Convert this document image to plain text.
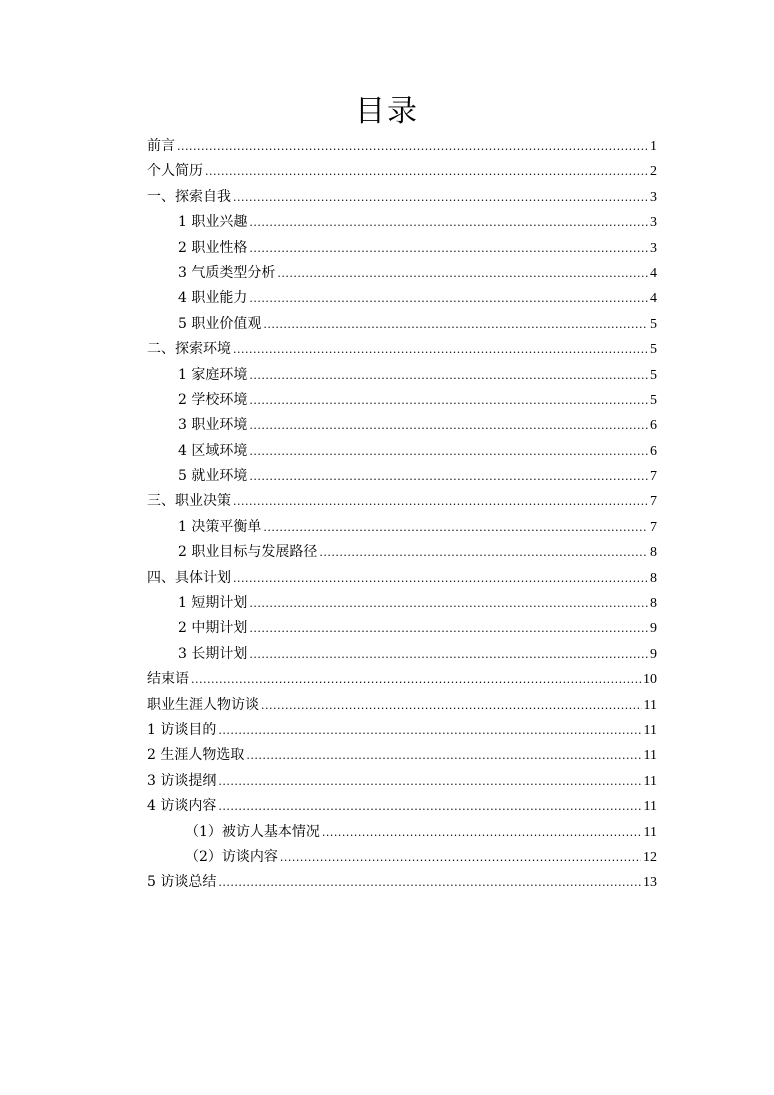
目录
前言 .....	1
个人简历 .....	2
一、探索自我 .....	3
1 职业兴趣 .....	3
2 职业性格 .....	3
3 气质类型分析 .....	4
4 职业能力 .....	4
5 职业价值观 .....	5
二、探索环境 .....	5
1 家庭环境 .....	5
2 学校环境 .....	5
3 职业环境 .....	6
4 区域环境 .....	6
5 就业环境 .....	7
三、职业决策 .....	7
1 决策平衡单 .....	7
2 职业目标与发展路径 .....	8
四、具体计划 .....	8
1 短期计划 .....	8
2 中期计划 .....	9
3 长期计划 .....	9
结束语 .....	10
职业生涯人物访谈 .....	11
1 访谈目的 .....	11
2 生涯人物选取 .....	11
3 访谈提纲 .....	11
4 访谈内容 .....	11
（1）被访人基本情况 .....	11
（2）访谈内容 .....	12
5 访谈总结 .....	13
